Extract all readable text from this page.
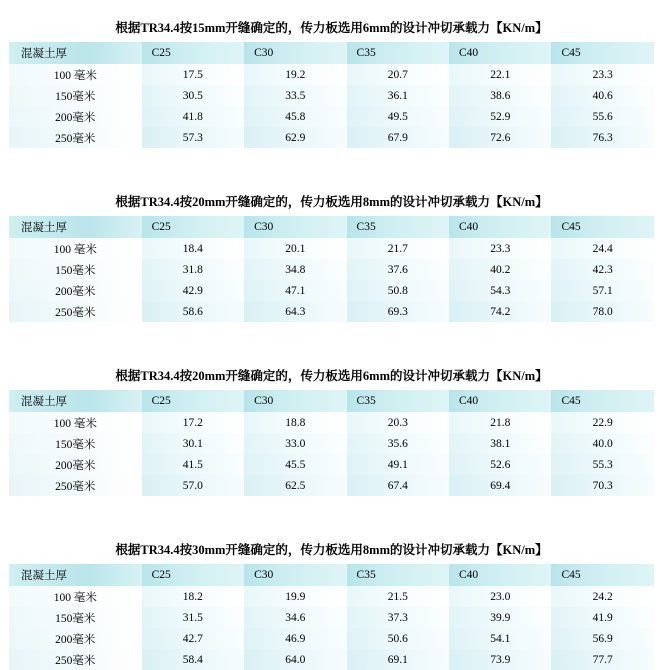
根据TR34.4按15mm开缝确定的，传力板选用6mm的设计冲切承载力【KN/m】
混凝土厚	C25	C30	C35	C40	C45
100 毫米	17.5	19.2	20.7	22.1	23.3
150毫米	30.5	33.5	36.1	38.6	40.6
200毫米	41.8	45.8	49.5	52.9	55.6
250毫米	57.3	62.9	67.9	72.6	76.3
根据TR34.4按20mm开缝确定的，传力板选用8mm的设计冲切承载力【KN/m】
混凝土厚	C25	C30	C35	C40	C45
100 毫米	18.4	20.1	21.7	23.3	24.4
150毫米	31.8	34.8	37.6	40.2	42.3
200毫米	42.9	47.1	50.8	54.3	57.1
250毫米	58.6	64.3	69.3	74.2	78.0
根据TR34.4按20mm开缝确定的，传力板选用6mm的设计冲切承载力【KN/m】
混凝土厚	C25	C30	C35	C40	C45
100 毫米	17.2	18.8	20.3	21.8	22.9
150毫米	30.1	33.0	35.6	38.1	40.0
200毫米	41.5	45.5	49.1	52.6	55.3
250毫米	57.0	62.5	67.4	69.4	70.3
根据TR34.4按30mm开缝确定的，传力板选用8mm的设计冲切承载力【KN/m】
混凝土厚	C25	C30	C35	C40	C45
100 毫米	18.2	19.9	21.5	23.0	24.2
150毫米	31.5	34.6	37.3	39.9	41.9
200毫米	42.7	46.9	50.6	54.1	56.9
250毫米	58.4	64.0	69.1	73.9	77.7
